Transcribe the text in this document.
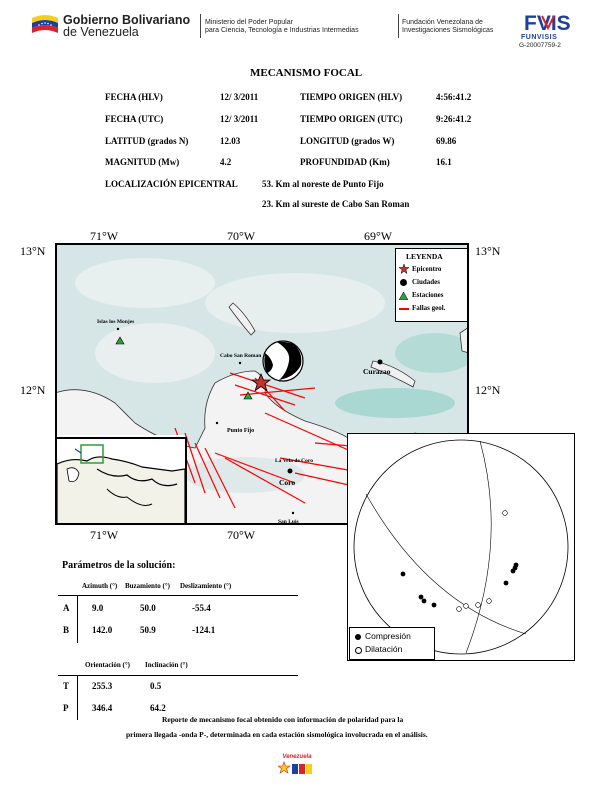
Gobierno Bolivariano
de Venezuela
Ministerio del Poder Popular
para Ciencia, Tecnología e Industrias Intermedias
Fundación Venezolana de
Investigaciones Sismológicas FVIS
FUNVISIS
G-20007759-2
MECANISMO FOCAL
FECHA (HLV)	12/ 3/2011	TIEMPO ORIGEN (HLV)	4:56:41.2
FECHA (UTC)	12/ 3/2011	TIEMPO ORIGEN (UTC)	9:26:41.2
LATITUD (grados N)	12.03	LONGITUD (grados W)	69.86
MAGNITUD (Mw)	4.2	PROFUNDIDAD (Km)	16.1
LOCALIZACIÓN EPICENTRAL	53. Km al noreste de Punto Fijo
23. Km al sureste de Cabo San Roman
71°W	70°W	69°W
13°N	13°N
12°N	12°N
71°W	70°W
Islas los Monjes
Cabo San Roman
Curazao
Punto Fijo
La Vela de Coro
Coro
San Luis
LEYENDA
Epicentro
Ciudades
Estaciones
Fallas geol.
Compresión
Dilatación
Parámetros de la solución:
Azimuth (°) Buzamiento (°) Deslizamiento (°)
A	9.0	50.0	-55.4
B	142.0	50.9	-124.1
Orientación (°) Inclinación (°)
T	255.3	0.5
P	346.4	64.2
Reporte de mecanismo focal obtenido con información de polaridad para la
primera llegada -onda P-, determinada en cada estación sismológica involucrada en el análisis.
Venezuela
